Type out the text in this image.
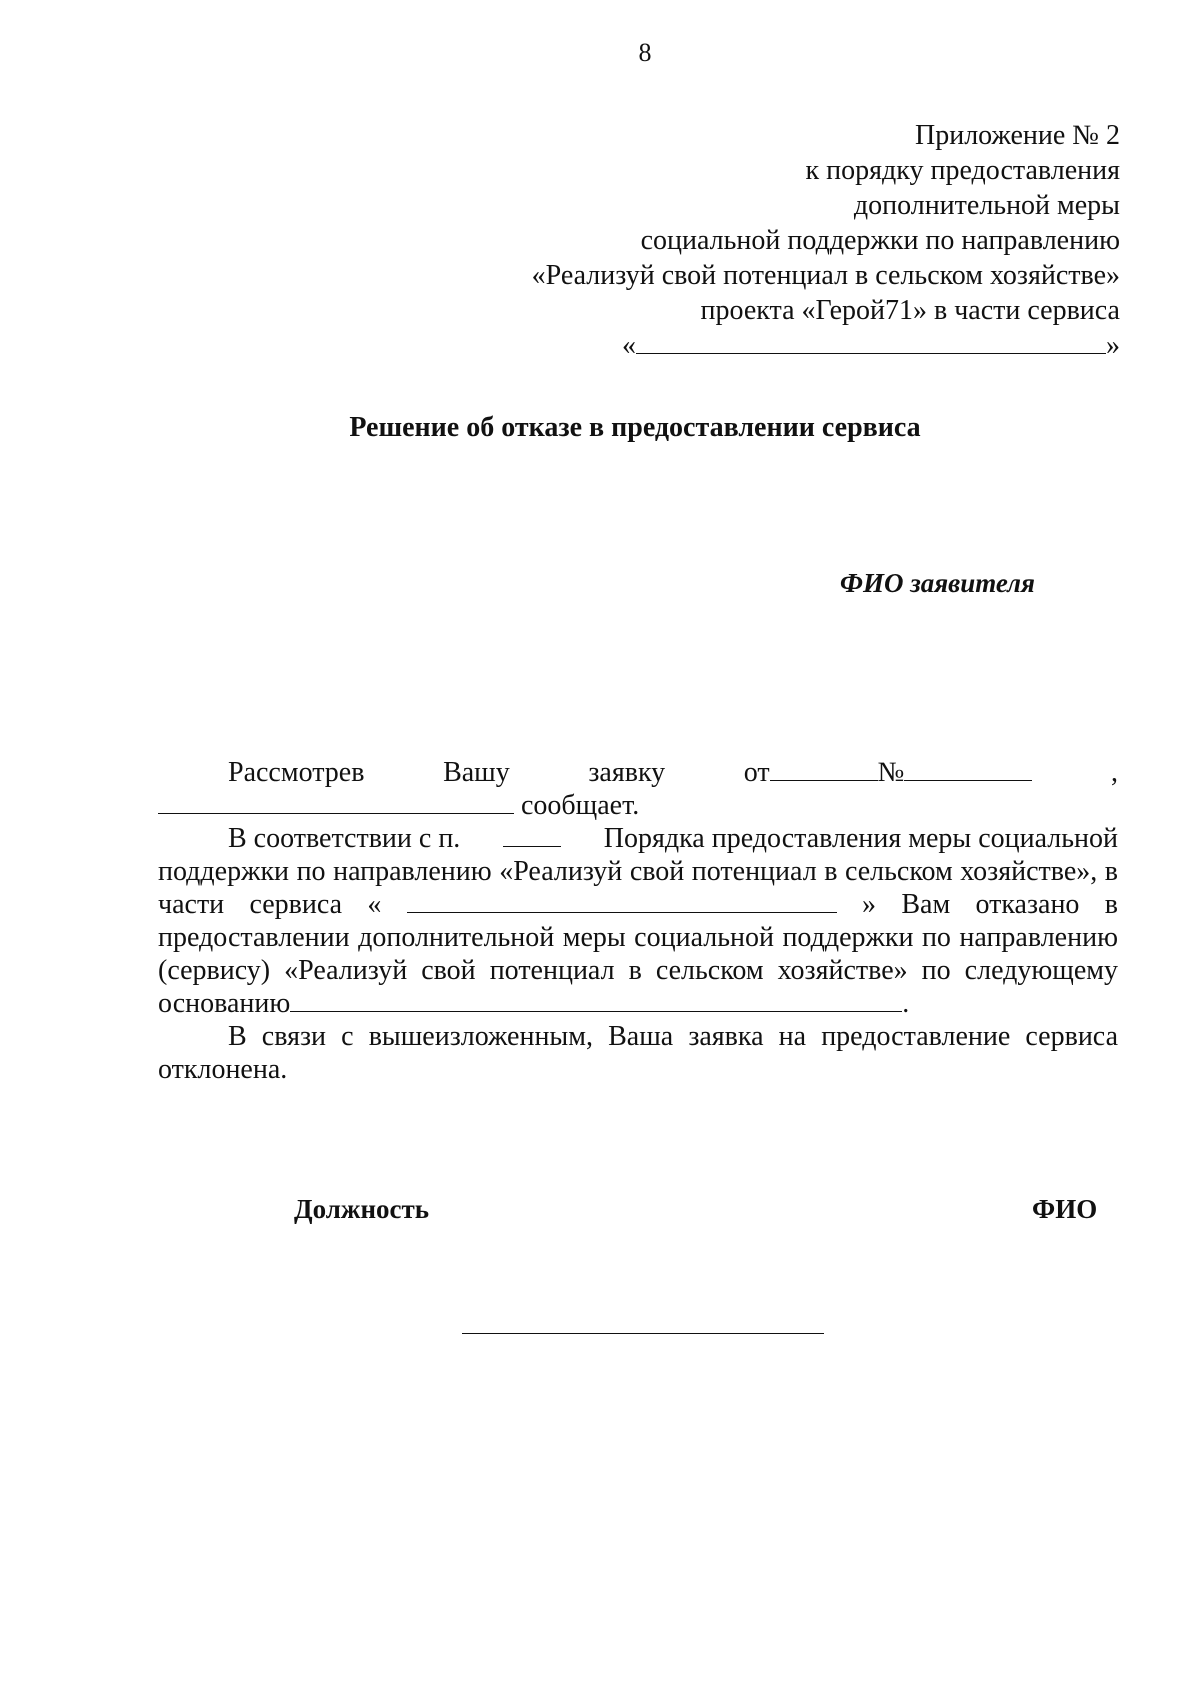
8
Приложение № 2
к порядку предоставления
дополнительной меры
социальной поддержки по направлению
«Реализуй свой потенциал в сельском хозяйстве»
проекта «Герой71» в части сервиса
«	»
Решение об отказе в предоставлении сервиса
ФИО заявителя
Рассмотрев	Вашу	заявку	от	№	,
сообщает.
В соответствии с п.	Порядка предоставления меры социальной
поддержки по направлению «Реализуй свой потенциал в сельском хозяйстве», в
части сервиса «	» Вам отказано в
предоставлении дополнительной меры социальной поддержки по направлению
(сервису) «Реализуй свой потенциал в сельском хозяйстве» по следующему
основанию	.
В связи с вышеизложенным, Ваша заявка на предоставление сервиса
отклонена.
Должность	ФИО
